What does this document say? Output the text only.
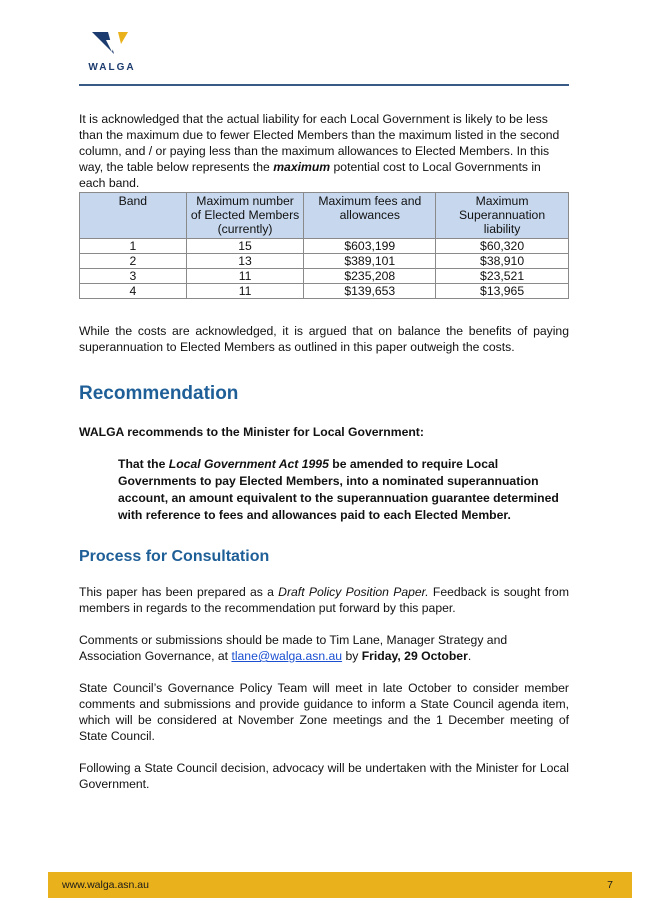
WALGA

It is acknowledged that the actual liability for each Local Government is likely to be less than the maximum due to fewer Elected Members than the maximum listed in the second column, and / or paying less than the maximum allowances to Elected Members. In this way, the table below represents the maximum potential cost to Local Governments in each band.

Band	Maximum number of Elected Members (currently)	Maximum fees and allowances	Maximum Superannuation liability
1	15	$603,199	$60,320
2	13	$389,101	$38,910
3	11	$235,208	$23,521
4	11	$139,653	$13,965

While the costs are acknowledged, it is argued that on balance the benefits of paying superannuation to Elected Members as outlined in this paper outweigh the costs.

Recommendation

WALGA recommends to the Minister for Local Government:

That the Local Government Act 1995 be amended to require Local Governments to pay Elected Members, into a nominated superannuation account, an amount equivalent to the superannuation guarantee determined with reference to fees and allowances paid to each Elected Member.

Process for Consultation

This paper has been prepared as a Draft Policy Position Paper. Feedback is sought from members in regards to the recommendation put forward by this paper.

Comments or submissions should be made to Tim Lane, Manager Strategy and Association Governance, at tlane@walga.asn.au by Friday, 29 October.

State Council’s Governance Policy Team will meet in late October to consider member comments and submissions and provide guidance to inform a State Council agenda item, which will be considered at November Zone meetings and the 1 December meeting of State Council.

Following a State Council decision, advocacy will be undertaken with the Minister for Local Government.

www.walga.asn.au	7
